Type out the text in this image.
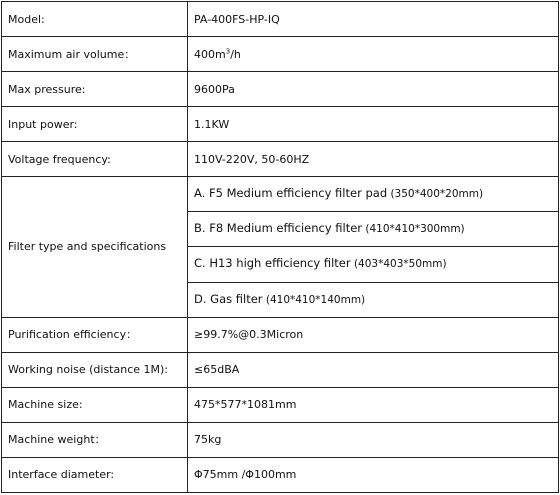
Model:	PA-400FS-HP-IQ
Maximum air volume：	$400m^3/h$
Max pressure:	9600Pa
Input power:	1.1KW
Voltage frequency:	110V-220V, 50-60HZ
Filter type and specifications	A. F5 Medium efficiency filter pad (350*400*20mm)
	B. F8 Medium efficiency filter (410*410*300mm)
	C. H13 high efficiency filter (403*403*50mm)
	D. Gas filter (410*410*140mm)
Purification efficiency：	≥99.7%@0.3Micron
Working noise (distance 1M):	≤65dBA
Machine size:	475*577*1081mm
Machine weight：	75kg
Interface diameter:	Φ75mm /Φ100mm
